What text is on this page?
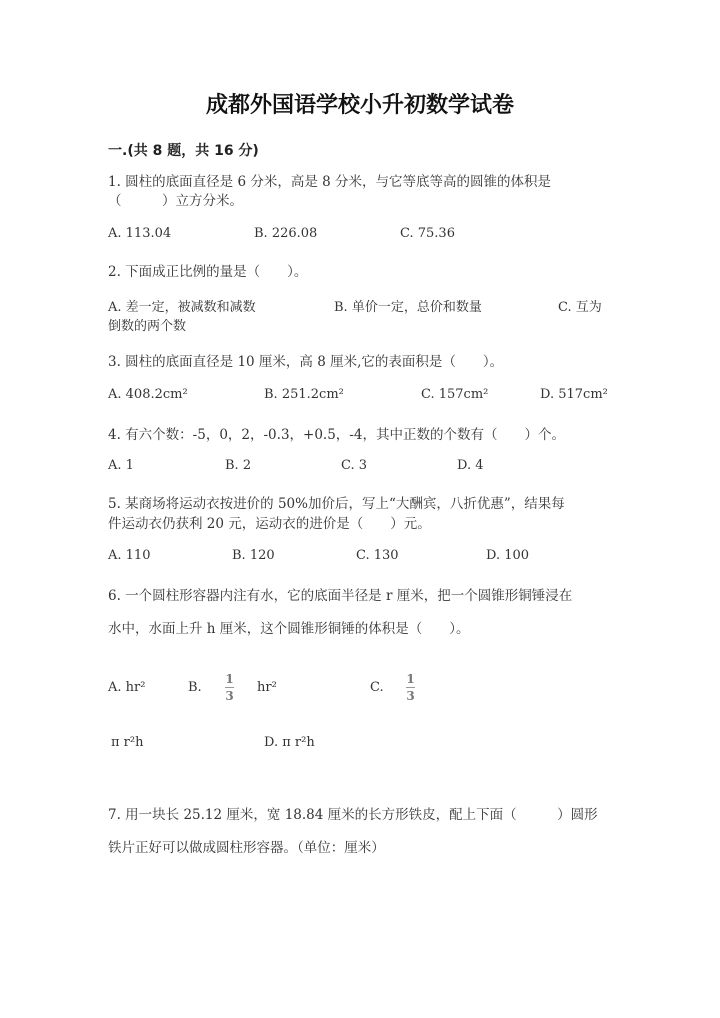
成都外国语学校小升初数学试卷
一.(共 8 题，共 16 分)
1. 圆柱的底面直径是 6 分米，高是 8 分米，与它等底等高的圆锥的体积是
（　　　）立方分米。
A. 113.04	B. 226.08	C. 75.36
2. 下面成正比例的量是（　　）。
A. 差一定，被减数和减数	B. 单价一定，总价和数量	C. 互为
倒数的两个数
3. 圆柱的底面直径是 10 厘米，高 8 厘米,它的表面积是（　　）。
A. 408.2cm²	B. 251.2cm²	C. 157cm²	D. 517cm²
4. 有六个数：-5，0，2，-0.3，+0.5，-4，其中正数的个数有（　　）个。
A. 1	B. 2	C. 3	D. 4
5. 某商场将运动衣按进价的 50%加价后，写上“大酬宾，八折优惠”，结果每
件运动衣仍获利 20 元，运动衣的进价是（　　）元。
A. 110	B. 120	C. 130	D. 100
6. 一个圆柱形容器内注有水，它的底面半径是 r 厘米，把一个圆锥形铜锤浸在
水中，水面上升 h 厘米，这个圆锥形铜锤的体积是（　　）。
A. hr²	B.
1
3
hr²	C.
1
3
π r²h	D. π r²h
7. 用一块长 25.12 厘米，宽 18.84 厘米的长方形铁皮，配上下面（　　　）圆形
铁片正好可以做成圆柱形容器。（单位：厘米）
